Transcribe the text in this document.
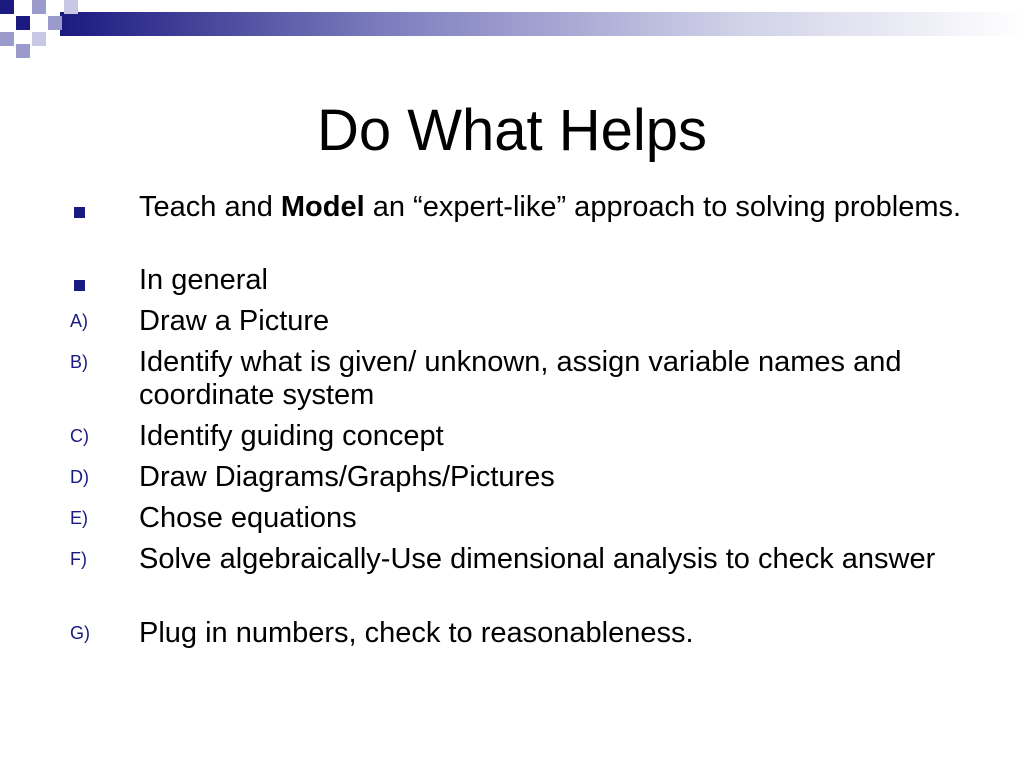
Do What Helps
Teach and Model an “expert-like” approach to solving problems.
In general
A) Draw a Picture
B) Identify what is given/ unknown, assign variable names and coordinate system
C) Identify guiding concept
D) Draw Diagrams/Graphs/Pictures
E) Chose equations
F) Solve algebraically-Use dimensional analysis to check answer
G) Plug in numbers, check to reasonableness.
